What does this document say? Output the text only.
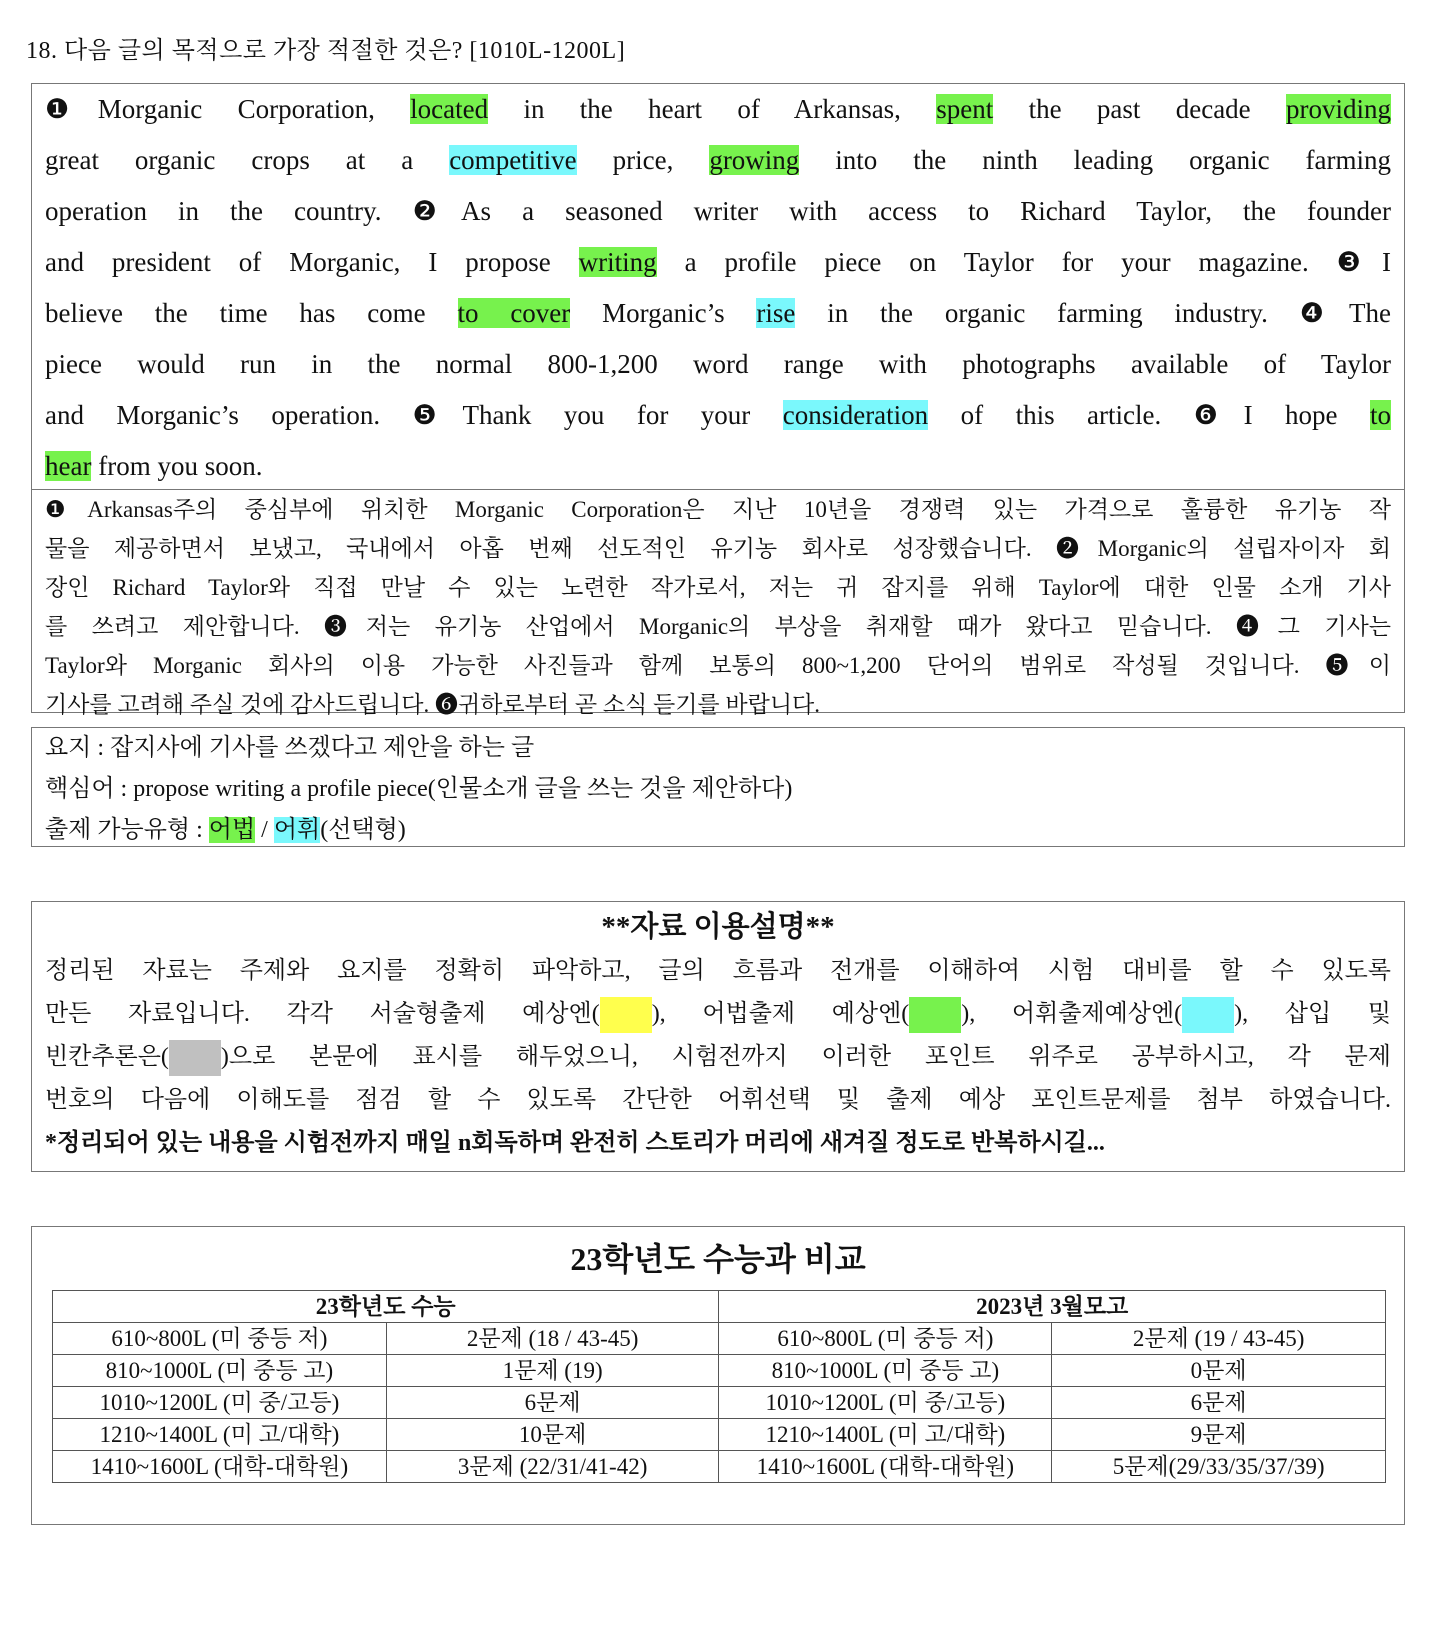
18. 다음 글의 목적으로 가장 적절한 것은? [1010L-1200L]
❶Morganic Corporation, located in the heart of Arkansas, spent the past decade providing
great organic crops at a competitive price, growing into the ninth leading organic farming
operation in the country. ❷As a seasoned writer with access to Richard Taylor, the founder
and president of Morganic, I propose writing a profile piece on Taylor for your magazine. ❸I
believe the time has come to cover Morganic’s rise in the organic farming industry. ❹The
piece would run in the normal 800-1,200 word range with photographs available of Taylor
and Morganic’s operation. ❺Thank you for your consideration of this article. ❻I hope to
hear from you soon.
❶Arkansas주의 중심부에 위치한 Morganic Corporation은 지난 10년을 경쟁력 있는 가격으로 훌륭한 유기농 작
물을 제공하면서 보냈고, 국내에서 아홉 번째 선도적인 유기농 회사로 성장했습니다. ❷Morganic의 설립자이자 회
장인 Richard Taylor와 직접 만날 수 있는 노련한 작가로서, 저는 귀 잡지를 위해 Taylor에 대한 인물 소개 기사
를 쓰려고 제안합니다. ❸저는 유기농 산업에서 Morganic의 부상을 취재할 때가 왔다고 믿습니다. ❹그 기사는
Taylor와 Morganic 회사의 이용 가능한 사진들과 함께 보통의 800~1,200 단어의 범위로 작성될 것입니다. ❺이
기사를 고려해 주실 것에 감사드립니다. ❻귀하로부터 곧 소식 듣기를 바랍니다.
요지 : 잡지사에 기사를 쓰겠다고 제안을 하는 글
핵심어 : propose writing a profile piece(인물소개 글을 쓰는 것을 제안하다)
출제 가능유형 : 어법 / 어휘(선택형)
**자료 이용설명**
정리된 자료는 주제와 요지를 정확히 파악하고, 글의 흐름과 전개를 이해하여 시험 대비를 할 수 있도록
만든 자료입니다. 각각 서술형출제 예상엔( ), 어법출제 예상엔( ), 어휘출제예상엔( ), 삽입 및
빈칸추론은( )으로 본문에 표시를 해두었으니, 시험전까지 이러한 포인트 위주로 공부하시고, 각 문제
번호의 다음에 이해도를 점검 할 수 있도록 간단한 어휘선택 및 출제 예상 포인트문제를 첨부 하였습니다.
*정리되어 있는 내용을 시험전까지 매일 n회독하며 완전히 스토리가 머리에 새겨질 정도로 반복하시길...
23학년도 수능과 비교
23학년도 수능		2023년 3월모고	
610~800L (미 중등 저)	2문제 (18 / 43-45)	610~800L (미 중등 저)	2문제 (19 / 43-45)
810~1000L (미 중등 고)	1문제 (19)	810~1000L (미 중등 고)	0문제
1010~1200L (미 중/고등)	6문제	1010~1200L (미 중/고등)	6문제
1210~1400L (미 고/대학)	10문제	1210~1400L (미 고/대학)	9문제
1410~1600L (대학-대학원)	3문제 (22/31/41-42)	1410~1600L (대학-대학원)	5문제(29/33/35/37/39)
